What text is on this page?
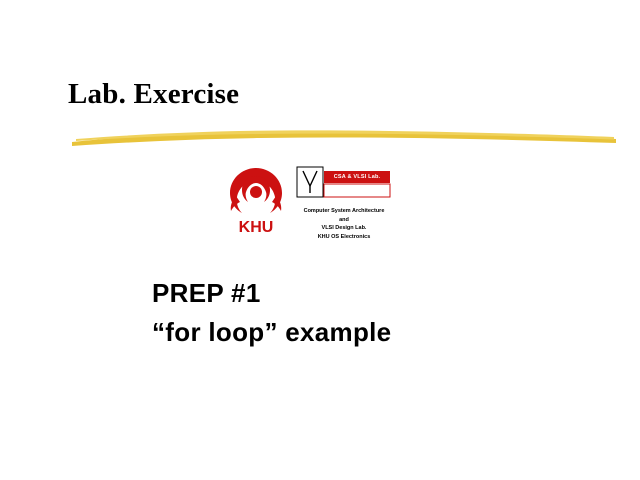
Lab. Exercise
KHU
CSA & VLSI Lab.
Computer System Architecture
and
VLSI Design Lab.
KHU OS Electronics
PREP #1
“for loop” example
